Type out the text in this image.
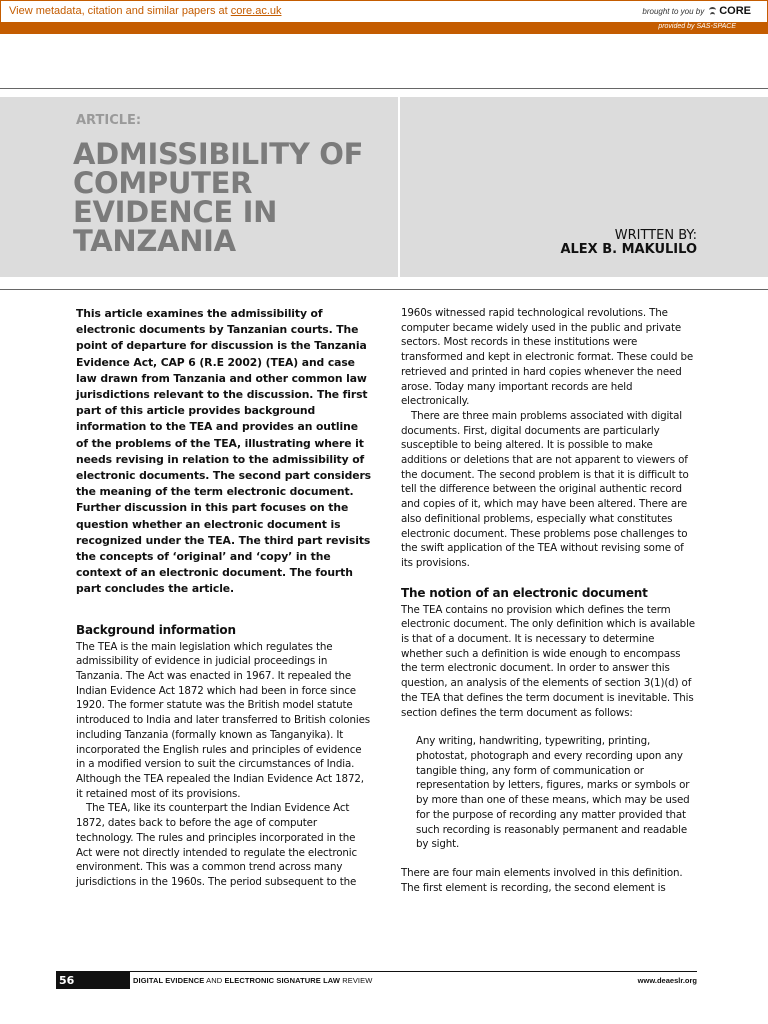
View metadata, citation and similar papers at core.ac.uk	brought to you by CORE
provided by SAS-SPACE
ARTICLE:
ADMISSIBILITY OF COMPUTER EVIDENCE IN TANZANIA	WRITTEN BY:
ALEX B. MAKULILO

This article examines the admissibility of electronic documents by Tanzanian courts. The point of departure for discussion is the Tanzania Evidence Act, CAP 6 (R.E 2002) (TEA) and case law drawn from Tanzania and other common law jurisdictions relevant to the discussion. The first part of this article provides background information to the TEA and provides an outline of the problems of the TEA, illustrating where it needs revising in relation to the admissibility of electronic documents. The second part considers the meaning of the term electronic document. Further discussion in this part focuses on the question whether an electronic document is recognized under the TEA. The third part revisits the concepts of ‘original’ and ‘copy’ in the context of an electronic document. The fourth part concludes the article.

Background information

The TEA is the main legislation which regulates the admissibility of evidence in judicial proceedings in Tanzania. The Act was enacted in 1967. It repealed the Indian Evidence Act 1872 which had been in force since 1920. The former statute was the British model statute introduced to India and later transferred to British colonies including Tanzania (formally known as Tanganyika). It incorporated the English rules and principles of evidence in a modified version to suit the circumstances of India. Although the TEA repealed the Indian Evidence Act 1872, it retained most of its provisions.

The TEA, like its counterpart the Indian Evidence Act 1872, dates back to before the age of computer technology. The rules and principles incorporated in the Act were not directly intended to regulate the electronic environment. This was a common trend across many jurisdictions in the 1960s. The period subsequent to the

1960s witnessed rapid technological revolutions. The computer became widely used in the public and private sectors. Most records in these institutions were transformed and kept in electronic format. These could be retrieved and printed in hard copies whenever the need arose. Today many important records are held electronically.

There are three main problems associated with digital documents. First, digital documents are particularly susceptible to being altered. It is possible to make additions or deletions that are not apparent to viewers of the document. The second problem is that it is difficult to tell the difference between the original authentic record and copies of it, which may have been altered. There are also definitional problems, especially what constitutes electronic document. These problems pose challenges to the swift application of the TEA without revising some of its provisions.

The notion of an electronic document

The TEA contains no provision which defines the term electronic document. The only definition which is available is that of a document. It is necessary to determine whether such a definition is wide enough to encompass the term electronic document. In order to answer this question, an analysis of the elements of section 3(1)(d) of the TEA that defines the term document is inevitable. This section defines the term document as follows:

Any writing, handwriting, typewriting, printing, photostat, photograph and every recording upon any tangible thing, any form of communication or representation by letters, figures, marks or symbols or by more than one of these means, which may be used for the purpose of recording any matter provided that such recording is reasonably permanent and readable by sight.

There are four main elements involved in this definition. The first element is recording, the second element is

56	DIGITAL EVIDENCE AND ELECTRONIC SIGNATURE LAW REVIEW	www.deaeslr.org
